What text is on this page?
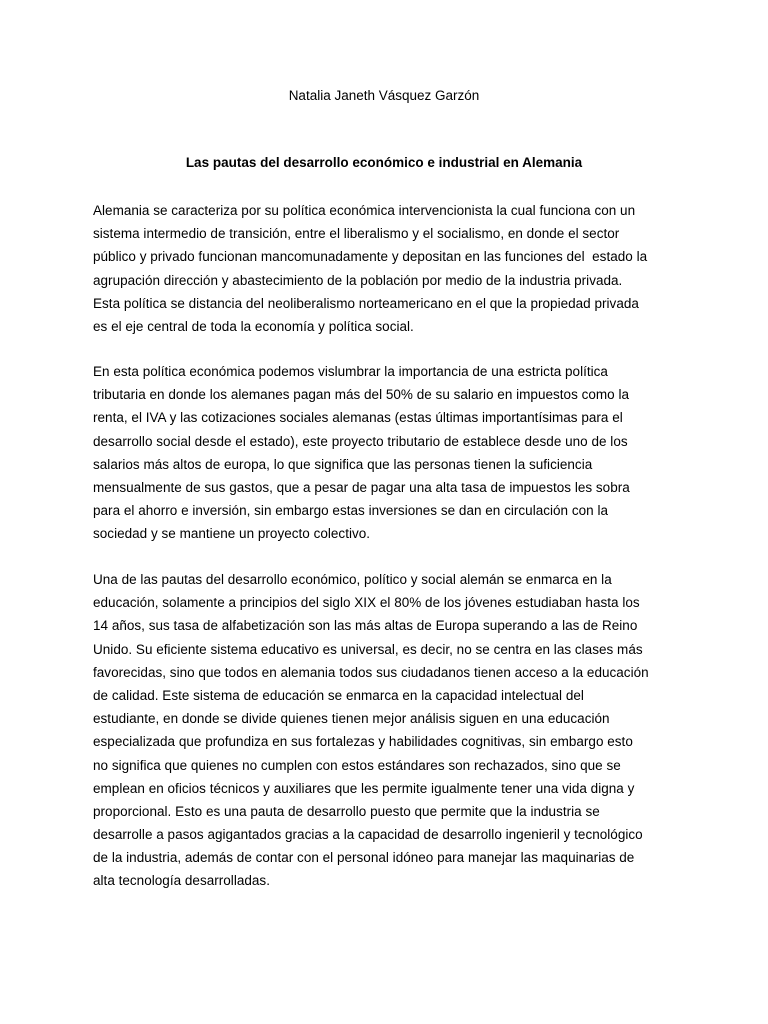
Natalia Janeth Vásquez Garzón
Las pautas del desarrollo económico e industrial en Alemania
Alemania se caracteriza por su política económica intervencionista la cual funciona con un
sistema intermedio de transición, entre el liberalismo y el socialismo, en donde el sector
público y privado funcionan mancomunadamente y depositan en las funciones del  estado la
agrupación dirección y abastecimiento de la población por medio de la industria privada.
Esta política se distancia del neoliberalismo norteamericano en el que la propiedad privada
es el eje central de toda la economía y política social.
En esta política económica podemos vislumbrar la importancia de una estricta política
tributaria en donde los alemanes pagan más del 50% de su salario en impuestos como la
renta, el IVA y las cotizaciones sociales alemanas (estas últimas importantísimas para el
desarrollo social desde el estado), este proyecto tributario de establece desde uno de los
salarios más altos de europa, lo que significa que las personas tienen la suficiencia
mensualmente de sus gastos, que a pesar de pagar una alta tasa de impuestos les sobra
para el ahorro e inversión, sin embargo estas inversiones se dan en circulación con la
sociedad y se mantiene un proyecto colectivo.
Una de las pautas del desarrollo económico, político y social alemán se enmarca en la
educación, solamente a principios del siglo XIX el 80% de los jóvenes estudiaban hasta los
14 años, sus tasa de alfabetización son las más altas de Europa superando a las de Reino
Unido. Su eficiente sistema educativo es universal, es decir, no se centra en las clases más
favorecidas, sino que todos en alemania todos sus ciudadanos tienen acceso a la educación
de calidad. Este sistema de educación se enmarca en la capacidad intelectual del
estudiante, en donde se divide quienes tienen mejor análisis siguen en una educación
especializada que profundiza en sus fortalezas y habilidades cognitivas, sin embargo esto
no significa que quienes no cumplen con estos estándares son rechazados, sino que se
emplean en oficios técnicos y auxiliares que les permite igualmente tener una vida digna y
proporcional. Esto es una pauta de desarrollo puesto que permite que la industria se
desarrolle a pasos agigantados gracias a la capacidad de desarrollo ingenieril y tecnológico
de la industria, además de contar con el personal idóneo para manejar las maquinarias de
alta tecnología desarrolladas.
